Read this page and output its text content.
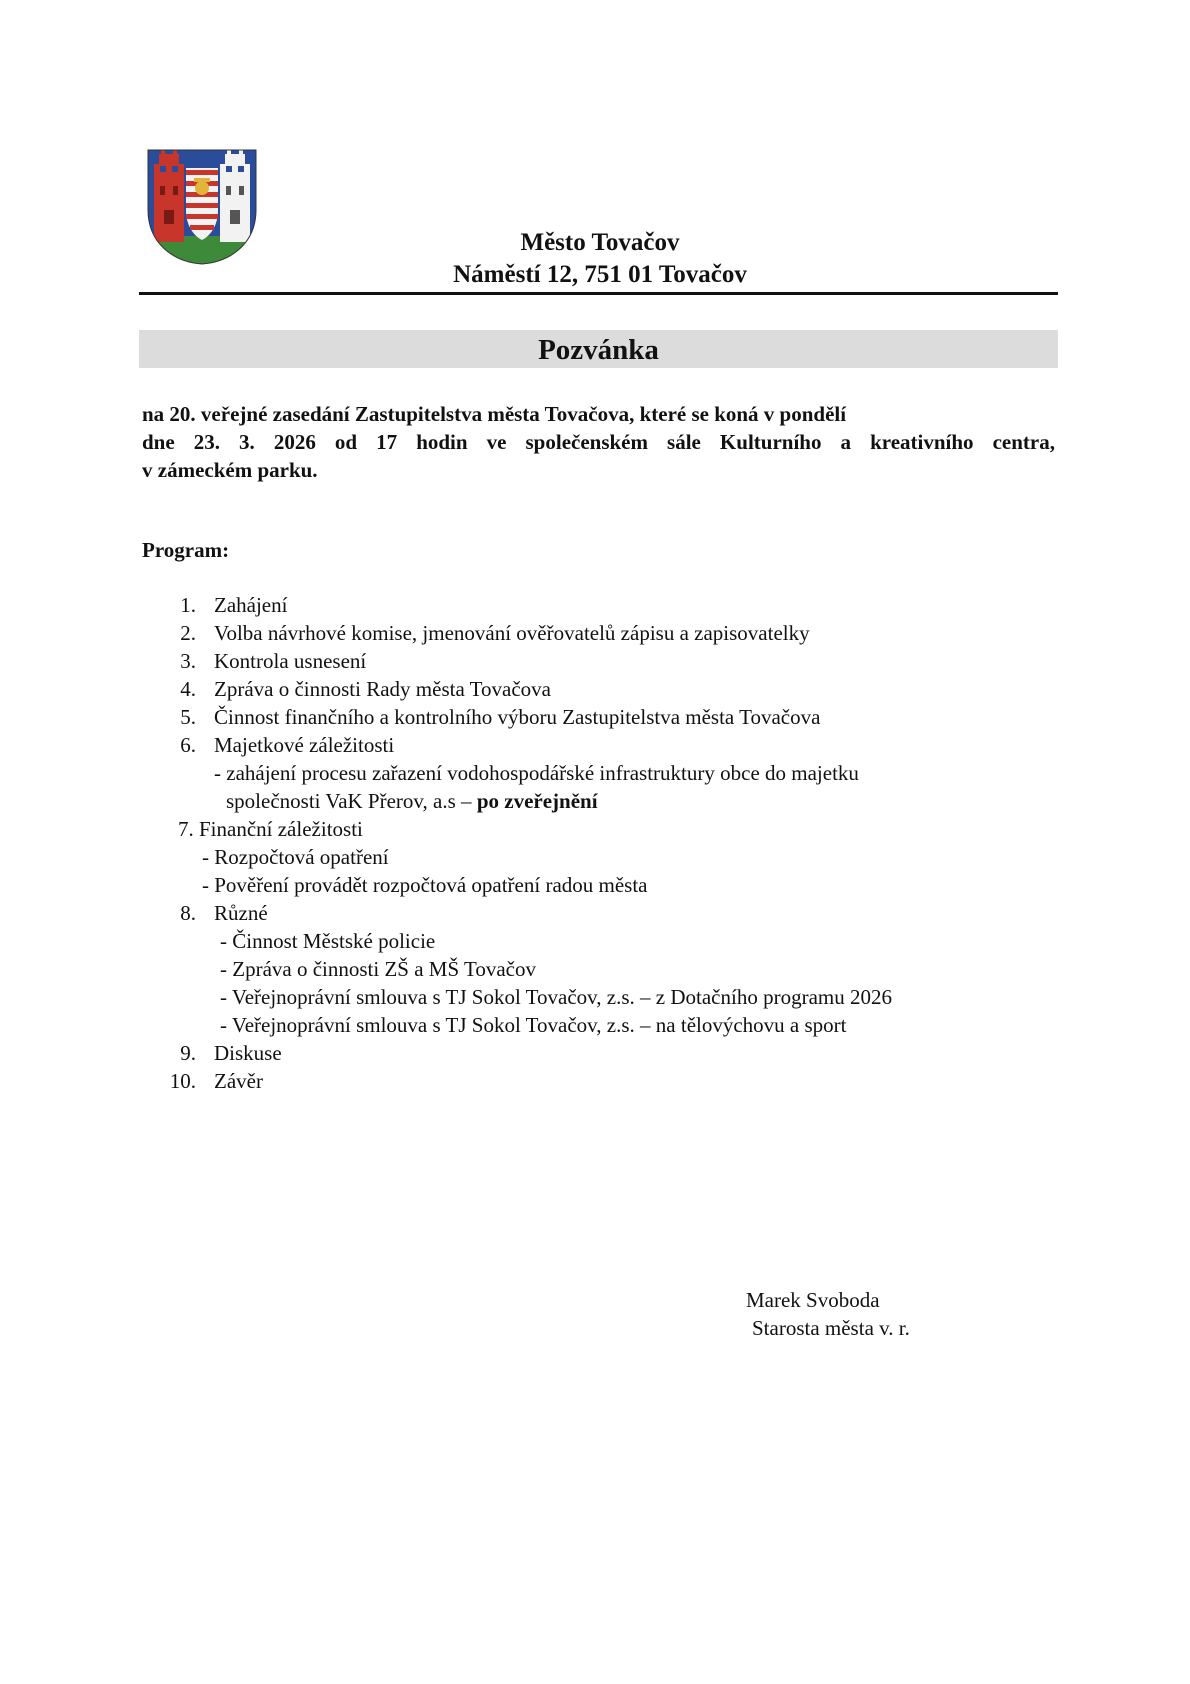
Město Tovačov
Náměstí 12, 751 01 Tovačov
Pozvánka
na 20. veřejné zasedání Zastupitelstva města Tovačova, které se koná v pondělí
dne 23. 3. 2026 od 17 hodin ve společenském sále Kulturního a kreativního centra,
v zámeckém parku.
Program:
1. Zahájení
2. Volba návrhové komise, jmenování ověřovatelů zápisu a zapisovatelky
3. Kontrola usnesení
4. Zpráva o činnosti Rady města Tovačova
5. Činnost finančního a kontrolního výboru Zastupitelstva města Tovačova
6. Majetkové záležitosti
- zahájení procesu zařazení vodohospodářské infrastruktury obce do majetku
společnosti VaK Přerov, a.s – po zveřejnění
7. Finanční záležitosti
- Rozpočtová opatření
- Pověření provádět rozpočtová opatření radou města
8. Různé
- Činnost Městské policie
- Zpráva o činnosti ZŠ a MŠ Tovačov
- Veřejnoprávní smlouva s TJ Sokol Tovačov, z.s. – z Dotačního programu 2026
- Veřejnoprávní smlouva s TJ Sokol Tovačov, z.s. – na tělovýchovu a sport
9. Diskuse
10. Závěr
Marek Svoboda
Starosta města v. r.
